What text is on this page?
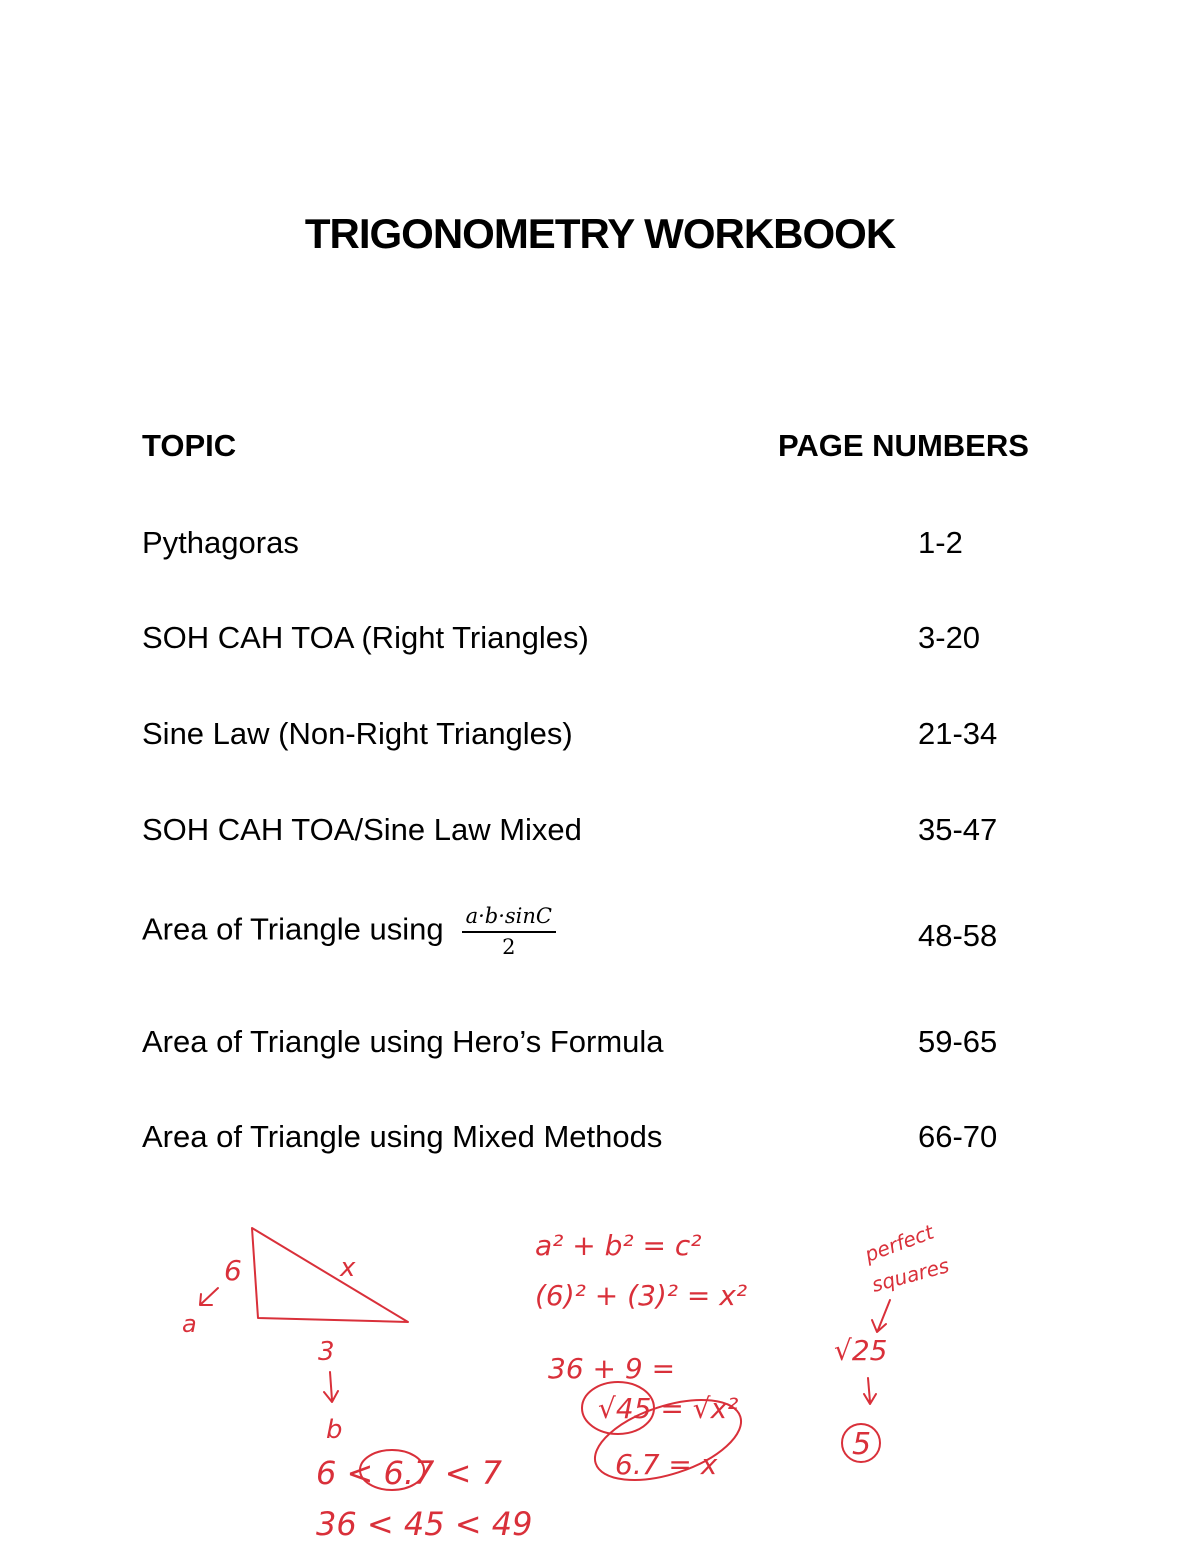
TRIGONOMETRY WORKBOOK
TOPIC	PAGE NUMBERS
Pythagoras	1-2
SOH CAH TOA (Right Triangles)	3-20
Sine Law (Non-Right Triangles)	21-34
SOH CAH TOA/Sine Law Mixed	35-47
Area of Triangle using $\frac{a\cdot b\cdot\sin C}{2}$	48-58
Area of Triangle using Hero’s Formula	59-65
Area of Triangle using Mixed Methods	66-70
a
6	x
3
b
6 < 6.7 < 7
36 < 45 < 49
a² + b² = c²
(6)² + (3)² = x²
36 + 9 =
√45 = √x²
6.7 = x
perfect
squares
√25
5
